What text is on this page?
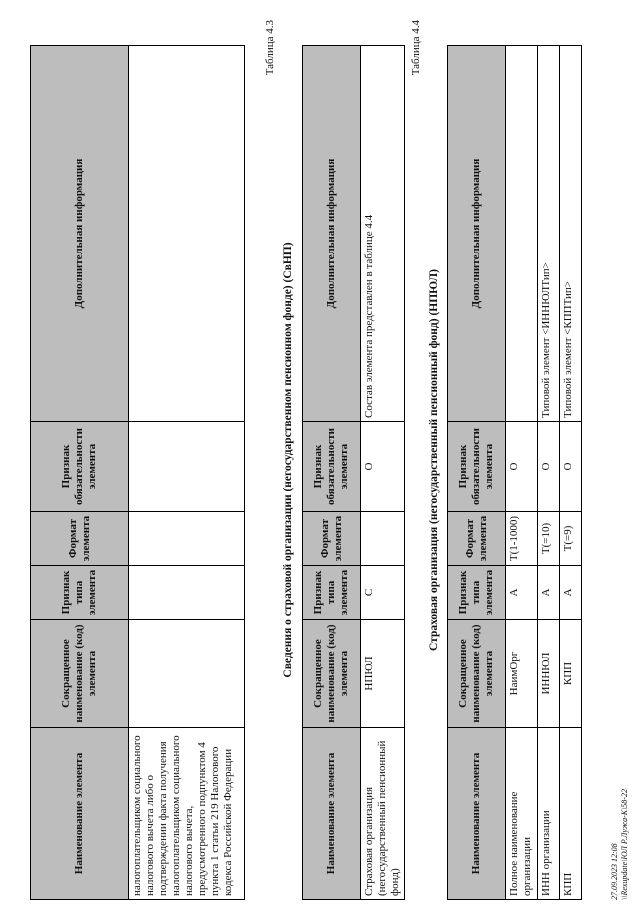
Наименование элемента	Сокращенное наименование (код) элемента	Признак типа элемента	Формат элемента	Признак обязательности элемента	Дополнительная информация
налогоплательщиком социального налогового вычета либо о подтверждении факта получения налогоплательщиком социального налогового вычета, предусмотренного подпунктом 4 пункта 1 статьи 219 Налогового кодекса Российской Федерации					
Таблица 4.3
Сведения о страховой организации (негосударственном пенсионном фонде) (СвНП)
Наименование элемента	Сокращенное наименование (код) элемента	Признак типа элемента	Формат элемента	Признак обязательности элемента	Дополнительная информация
Страховая организация (негосударственный пенсионный фонд)	НПЮЛ	С		О	Состав элемента представлен в таблице 4.4
Таблица 4.4
Страховая организация (негосударственный пенсионный фонд) (НПЮЛ)
Наименование элемента	Сокращенное наименование (код) элемента	Признак типа элемента	Формат элемента	Признак обязательности элемента	Дополнительная информация
Полное наименование организации	НаимОрг	А	T(1-1000)	О	
ИНН организации	ИННЮЛ	А	T(=10)	О	Типовой элемент <ИННЮЛТип>
КПП	КПП	А	T(=9)	О	Типовой элемент <КППТип>
27.09.2023 12:08 \\Rexupdate\ЮЛ Р.Лужа-К\58-22
